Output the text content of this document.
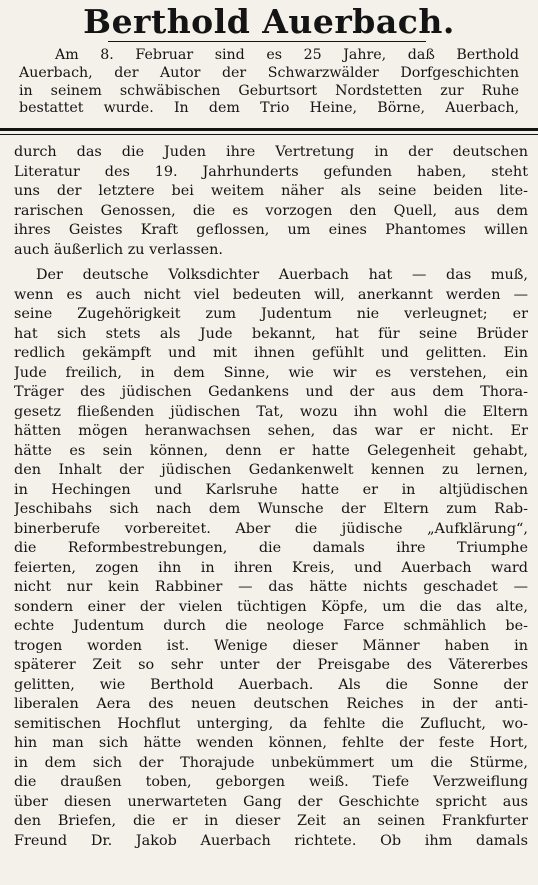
Berthold Auerbach.
Am 8. Februar sind es 25 Jahre, daß Berthold
Auerbach, der Autor der Schwarzwälder Dorfgeschichten
in seinem schwäbischen Geburtsort Nordstetten zur Ruhe
bestattet wurde. In dem Trio Heine, Börne, Auerbach,
durch das die Juden ihre Vertretung in der deutschen
Literatur des 19. Jahrhunderts gefunden haben, steht
uns der letztere bei weitem näher als seine beiden lite-
rarischen Genossen, die es vorzogen den Quell, aus dem
ihres Geistes Kraft geflossen, um eines Phantomes willen
auch äußerlich zu verlassen.
Der deutsche Volksdichter Auerbach hat — das muß,
wenn es auch nicht viel bedeuten will, anerkannt werden —
seine Zugehörigkeit zum Judentum nie verleugnet; er
hat sich stets als Jude bekannt, hat für seine Brüder
redlich gekämpft und mit ihnen gefühlt und gelitten. Ein
Jude freilich, in dem Sinne, wie wir es verstehen, ein
Träger des jüdischen Gedankens und der aus dem Thora-
gesetz fließenden jüdischen Tat, wozu ihn wohl die Eltern
hätten mögen heranwachsen sehen, das war er nicht. Er
hätte es sein können, denn er hatte Gelegenheit gehabt,
den Inhalt der jüdischen Gedankenwelt kennen zu lernen,
in Hechingen und Karlsruhe hatte er in altjüdischen
Jeschibahs sich nach dem Wunsche der Eltern zum Rab-
binerberufe vorbereitet. Aber die jüdische „Aufklärung“,
die Reformbestrebungen, die damals ihre Triumphe
feierten, zogen ihn in ihren Kreis, und Auerbach ward
nicht nur kein Rabbiner — das hätte nichts geschadet —
sondern einer der vielen tüchtigen Köpfe, um die das alte,
echte Judentum durch die neologe Farce schmählich be-
trogen worden ist. Wenige dieser Männer haben in
späterer Zeit so sehr unter der Preisgabe des Vätererbes
gelitten, wie Berthold Auerbach. Als die Sonne der
liberalen Aera des neuen deutschen Reiches in der anti-
semitischen Hochflut unterging, da fehlte die Zuflucht, wo-
hin man sich hätte wenden können, fehlte der feste Hort,
in dem sich der Thorajude unbekümmert um die Stürme,
die draußen toben, geborgen weiß. Tiefe Verzweiflung
über diesen unerwarteten Gang der Geschichte spricht aus
den Briefen, die er in dieser Zeit an seinen Frankfurter
Freund Dr. Jakob Auerbach richtete. Ob ihm damals
